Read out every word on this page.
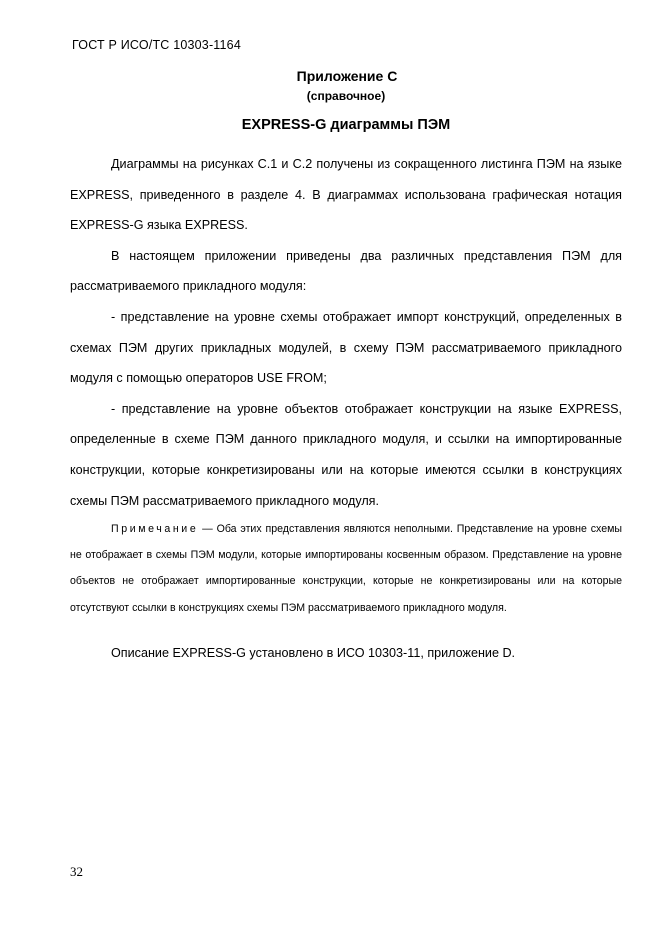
ГОСТ Р ИСО/ТС 10303-1164
Приложение С
(справочное)
EXPRESS-G диаграммы ПЭМ

Диаграммы на рисунках С.1 и С.2 получены из сокращенного листинга ПЭМ на языке EXPRESS, приведенного в разделе 4. В диаграммах использована графическая нотация EXPRESS-G языка EXPRESS.

В настоящем приложении приведены два различных представления ПЭМ для рассматриваемого прикладного модуля:

- представление на уровне схемы отображает импорт конструкций, определенных в схемах ПЭМ других прикладных модулей, в схему ПЭМ рассматриваемого прикладного модуля с помощью операторов USE FROM;

- представление на уровне объектов отображает конструкции на языке EXPRESS, определенные в схеме ПЭМ данного прикладного модуля, и ссылки на импортированные конструкции, которые конкретизированы или на которые имеются ссылки в конструкциях схемы ПЭМ рассматриваемого прикладного модуля.

Примечание — Оба этих представления являются неполными. Представление на уровне схемы не отображает в схемы ПЭМ модули, которые импортированы косвенным образом. Представление на уровне объектов не отображает импортированные конструкции, которые не конкретизированы или на которые отсутствуют ссылки в конструкциях схемы ПЭМ рассматриваемого прикладного модуля.

Описание EXPRESS-G установлено в ИСО 10303-11, приложение D.
32
